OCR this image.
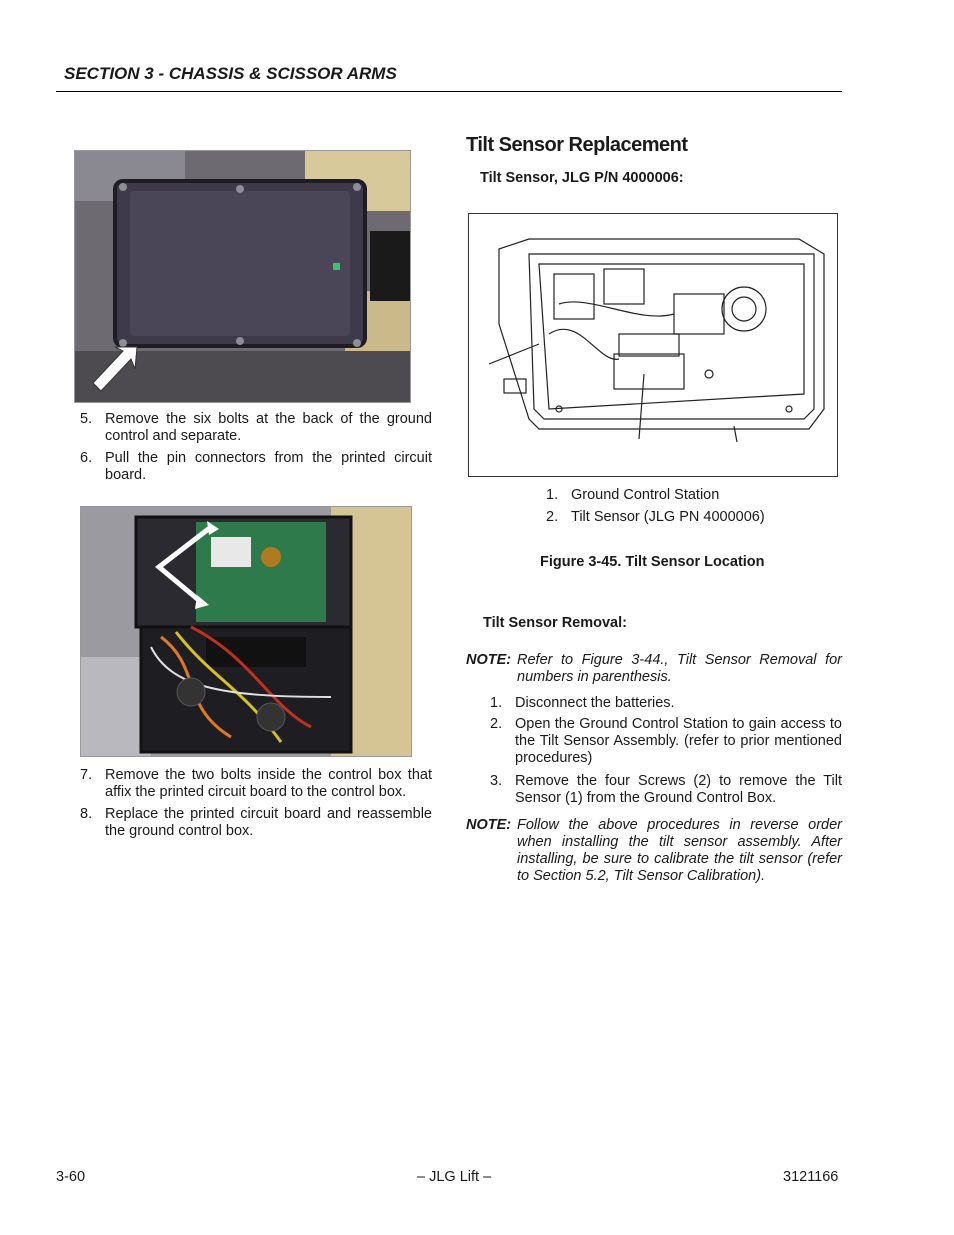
SECTION 3 - CHASSIS & SCISSOR ARMS
5. Remove the six bolts at the back of the ground control and separate.
6. Pull the pin connectors from the printed circuit board.
7. Remove the two bolts inside the control box that affix the printed circuit board to the control box.
8. Replace the printed circuit board and reassemble the ground control box.
Tilt Sensor Replacement
Tilt Sensor, JLG P/N 4000006:
1. Ground Control Station
2. Tilt Sensor (JLG PN 4000006)
Figure 3-45. Tilt Sensor Location
Tilt Sensor Removal:
NOTE: Refer to Figure 3-44., Tilt Sensor Removal for numbers in parenthesis.
1. Disconnect the batteries.
2. Open the Ground Control Station to gain access to the Tilt Sensor Assembly. (refer to prior mentioned procedures)
3. Remove the four Screws (2) to remove the Tilt Sensor (1) from the Ground Control Box.
NOTE: Follow the above procedures in reverse order when installing the tilt sensor assembly. After installing, be sure to calibrate the tilt sensor (refer to Section 5.2, Tilt Sensor Calibration).
3-60	– JLG Lift –	3121166
